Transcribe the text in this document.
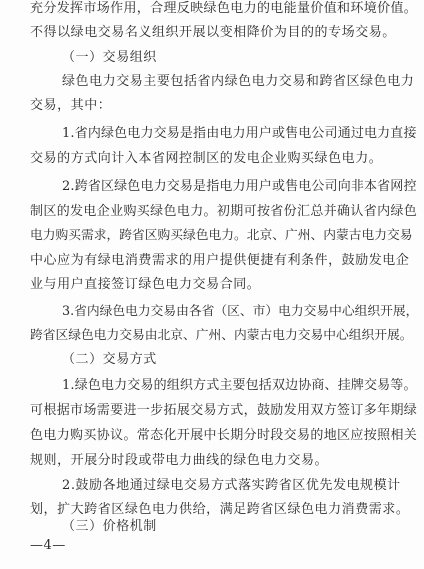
充分发挥市场作用，合理反映绿色电力的电能量价值和环境价值。
不得以绿电交易名义组织开展以变相降价为目的的专场交易。
（一）交易组织
绿色电力交易主要包括省内绿色电力交易和跨省区绿色电力
交易，其中：
1.省内绿色电力交易是指由电力用户或售电公司通过电力直接
交易的方式向计入本省网控制区的发电企业购买绿色电力。
2.跨省区绿色电力交易是指电力用户或售电公司向非本省网控
制区的发电企业购买绿色电力。初期可按省份汇总并确认省内绿色
电力购买需求，跨省区购买绿色电力。北京、广州、内蒙古电力交易
中心应为有绿电消费需求的用户提供便捷有利条件，鼓励发电企
业与用户直接签订绿色电力交易合同。
3.省内绿色电力交易由各省（区、市）电力交易中心组织开展，
跨省区绿色电力交易由北京、广州、内蒙古电力交易中心组织开展。
（二）交易方式
1.绿色电力交易的组织方式主要包括双边协商、挂牌交易等。
可根据市场需要进一步拓展交易方式，鼓励发用双方签订多年期绿
色电力购买协议。常态化开展中长期分时段交易的地区应按照相关
规则，开展分时段或带电力曲线的绿色电力交易。
2.鼓励各地通过绿电交易方式落实跨省区优先发电规模计
划，扩大跨省区绿色电力供给，满足跨省区绿色电力消费需求。
（三）价格机制
—4—
